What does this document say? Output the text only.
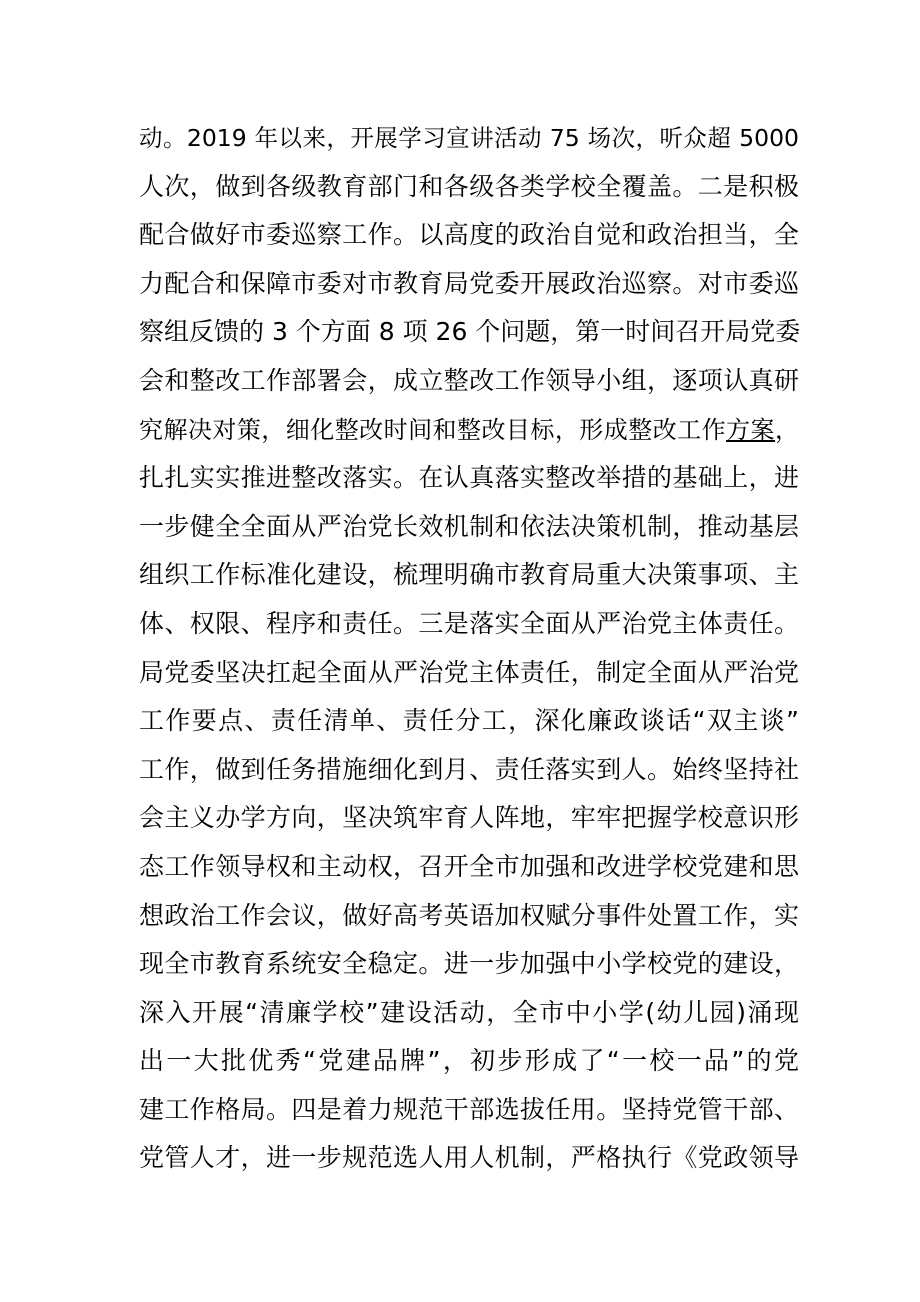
动。2019 年以来，开展学习宣讲活动 75 场次，听众超 5000
人次，做到各级教育部门和各级各类学校全覆盖。二是积极
配合做好市委巡察工作。以高度的政治自觉和政治担当，全
力配合和保障市委对市教育局党委开展政治巡察。对市委巡
察组反馈的 3 个方面 8 项 26 个问题，第一时间召开局党委
会和整改工作部署会，成立整改工作领导小组，逐项认真研
究解决对策，细化整改时间和整改目标，形成整改工作方案，
扎扎实实推进整改落实。在认真落实整改举措的基础上，进
一步健全全面从严治党长效机制和依法决策机制，推动基层
组织工作标准化建设，梳理明确市教育局重大决策事项、主
体、权限、程序和责任。三是落实全面从严治党主体责任。
局党委坚决扛起全面从严治党主体责任，制定全面从严治党
工作要点、责任清单、责任分工，深化廉政谈话“双主谈”
工作，做到任务措施细化到月、责任落实到人。始终坚持社
会主义办学方向，坚决筑牢育人阵地，牢牢把握学校意识形
态工作领导权和主动权，召开全市加强和改进学校党建和思
想政治工作会议，做好高考英语加权赋分事件处置工作，实
现全市教育系统安全稳定。进一步加强中小学校党的建设，
深入开展“清廉学校”建设活动，全市中小学(幼儿园)涌现
出一大批优秀“党建品牌”，初步形成了“一校一品”的党
建工作格局。四是着力规范干部选拔任用。坚持党管干部、
党管人才，进一步规范选人用人机制，严格执行《党政领导
